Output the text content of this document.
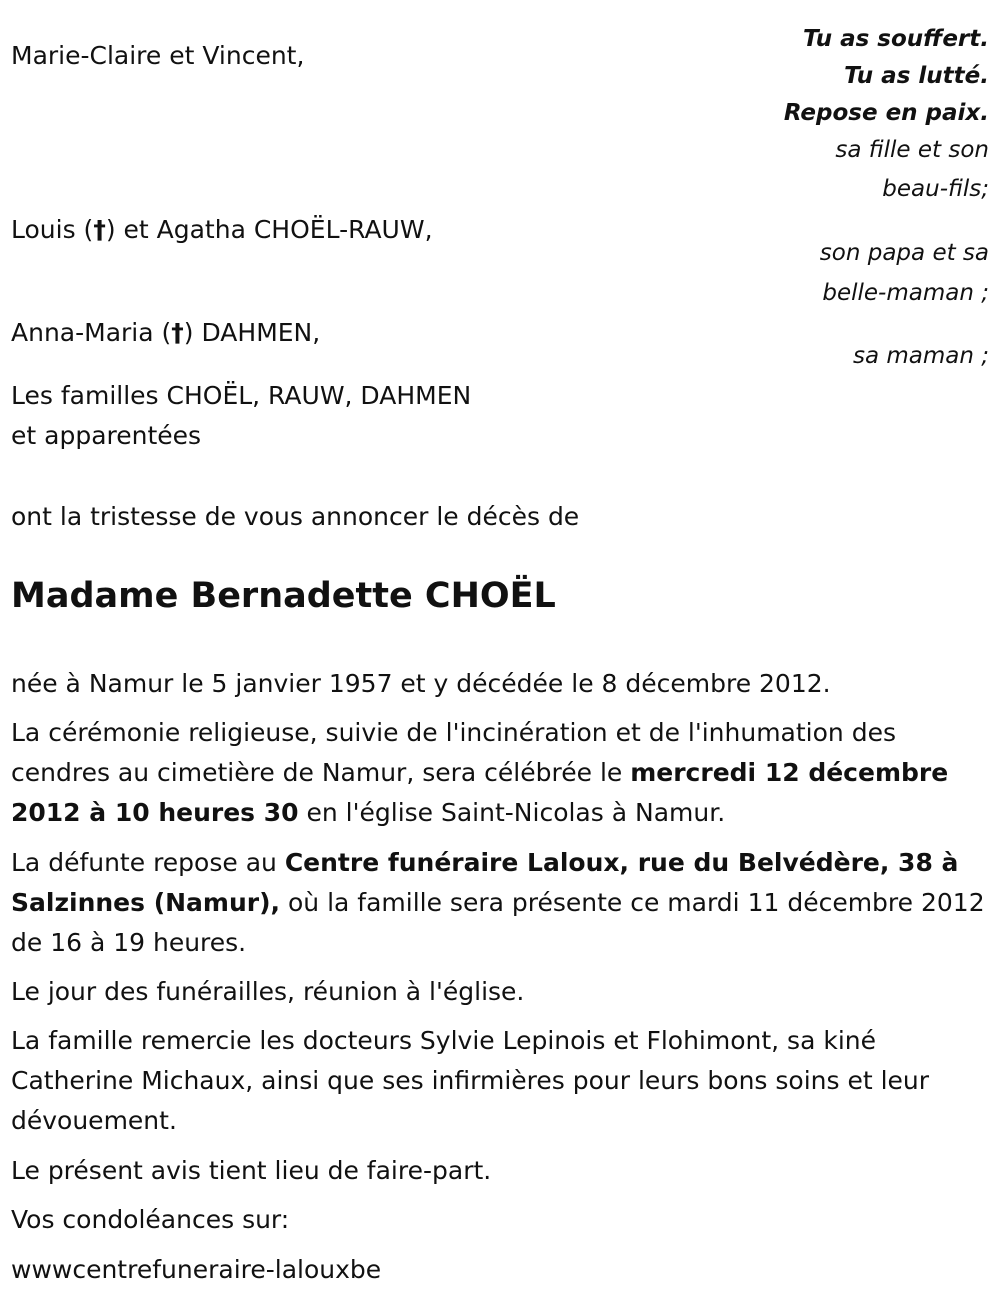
Tu as souffert.
Tu as lutté.
Repose en paix.
Marie-Claire et Vincent,
sa fille et son
beau-fils;
Louis (†) et Agatha CHOËL-RAUW,
son papa et sa
belle-maman ;
Anna-Maria (†) DAHMEN,
sa maman ;
Les familles CHOËL, RAUW, DAHMEN
et apparentées
ont la tristesse de vous annoncer le décès de
Madame Bernadette CHOËL
née à Namur le 5 janvier 1957 et y décédée le 8 décembre 2012.
La cérémonie religieuse, suivie de l'incinération et de l'inhumation des cendres au cimetière de Namur, sera célébrée le mercredi 12 décembre 2012 à 10 heures 30 en l'église Saint-Nicolas à Namur.
La défunte repose au Centre funéraire Laloux, rue du Belvédère, 38 à Salzinnes (Namur), où la famille sera présente ce mardi 11 décembre 2012 de 16 à 19 heures.
Le jour des funérailles, réunion à l'église.
La famille remercie les docteurs Sylvie Lepinois et Flohimont, sa kiné Catherine Michaux, ainsi que ses infirmières pour leurs bons soins et leur dévouement.
Le présent avis tient lieu de faire-part.
Vos condoléances sur:
wwwcentrefuneraire-lalouxbe
